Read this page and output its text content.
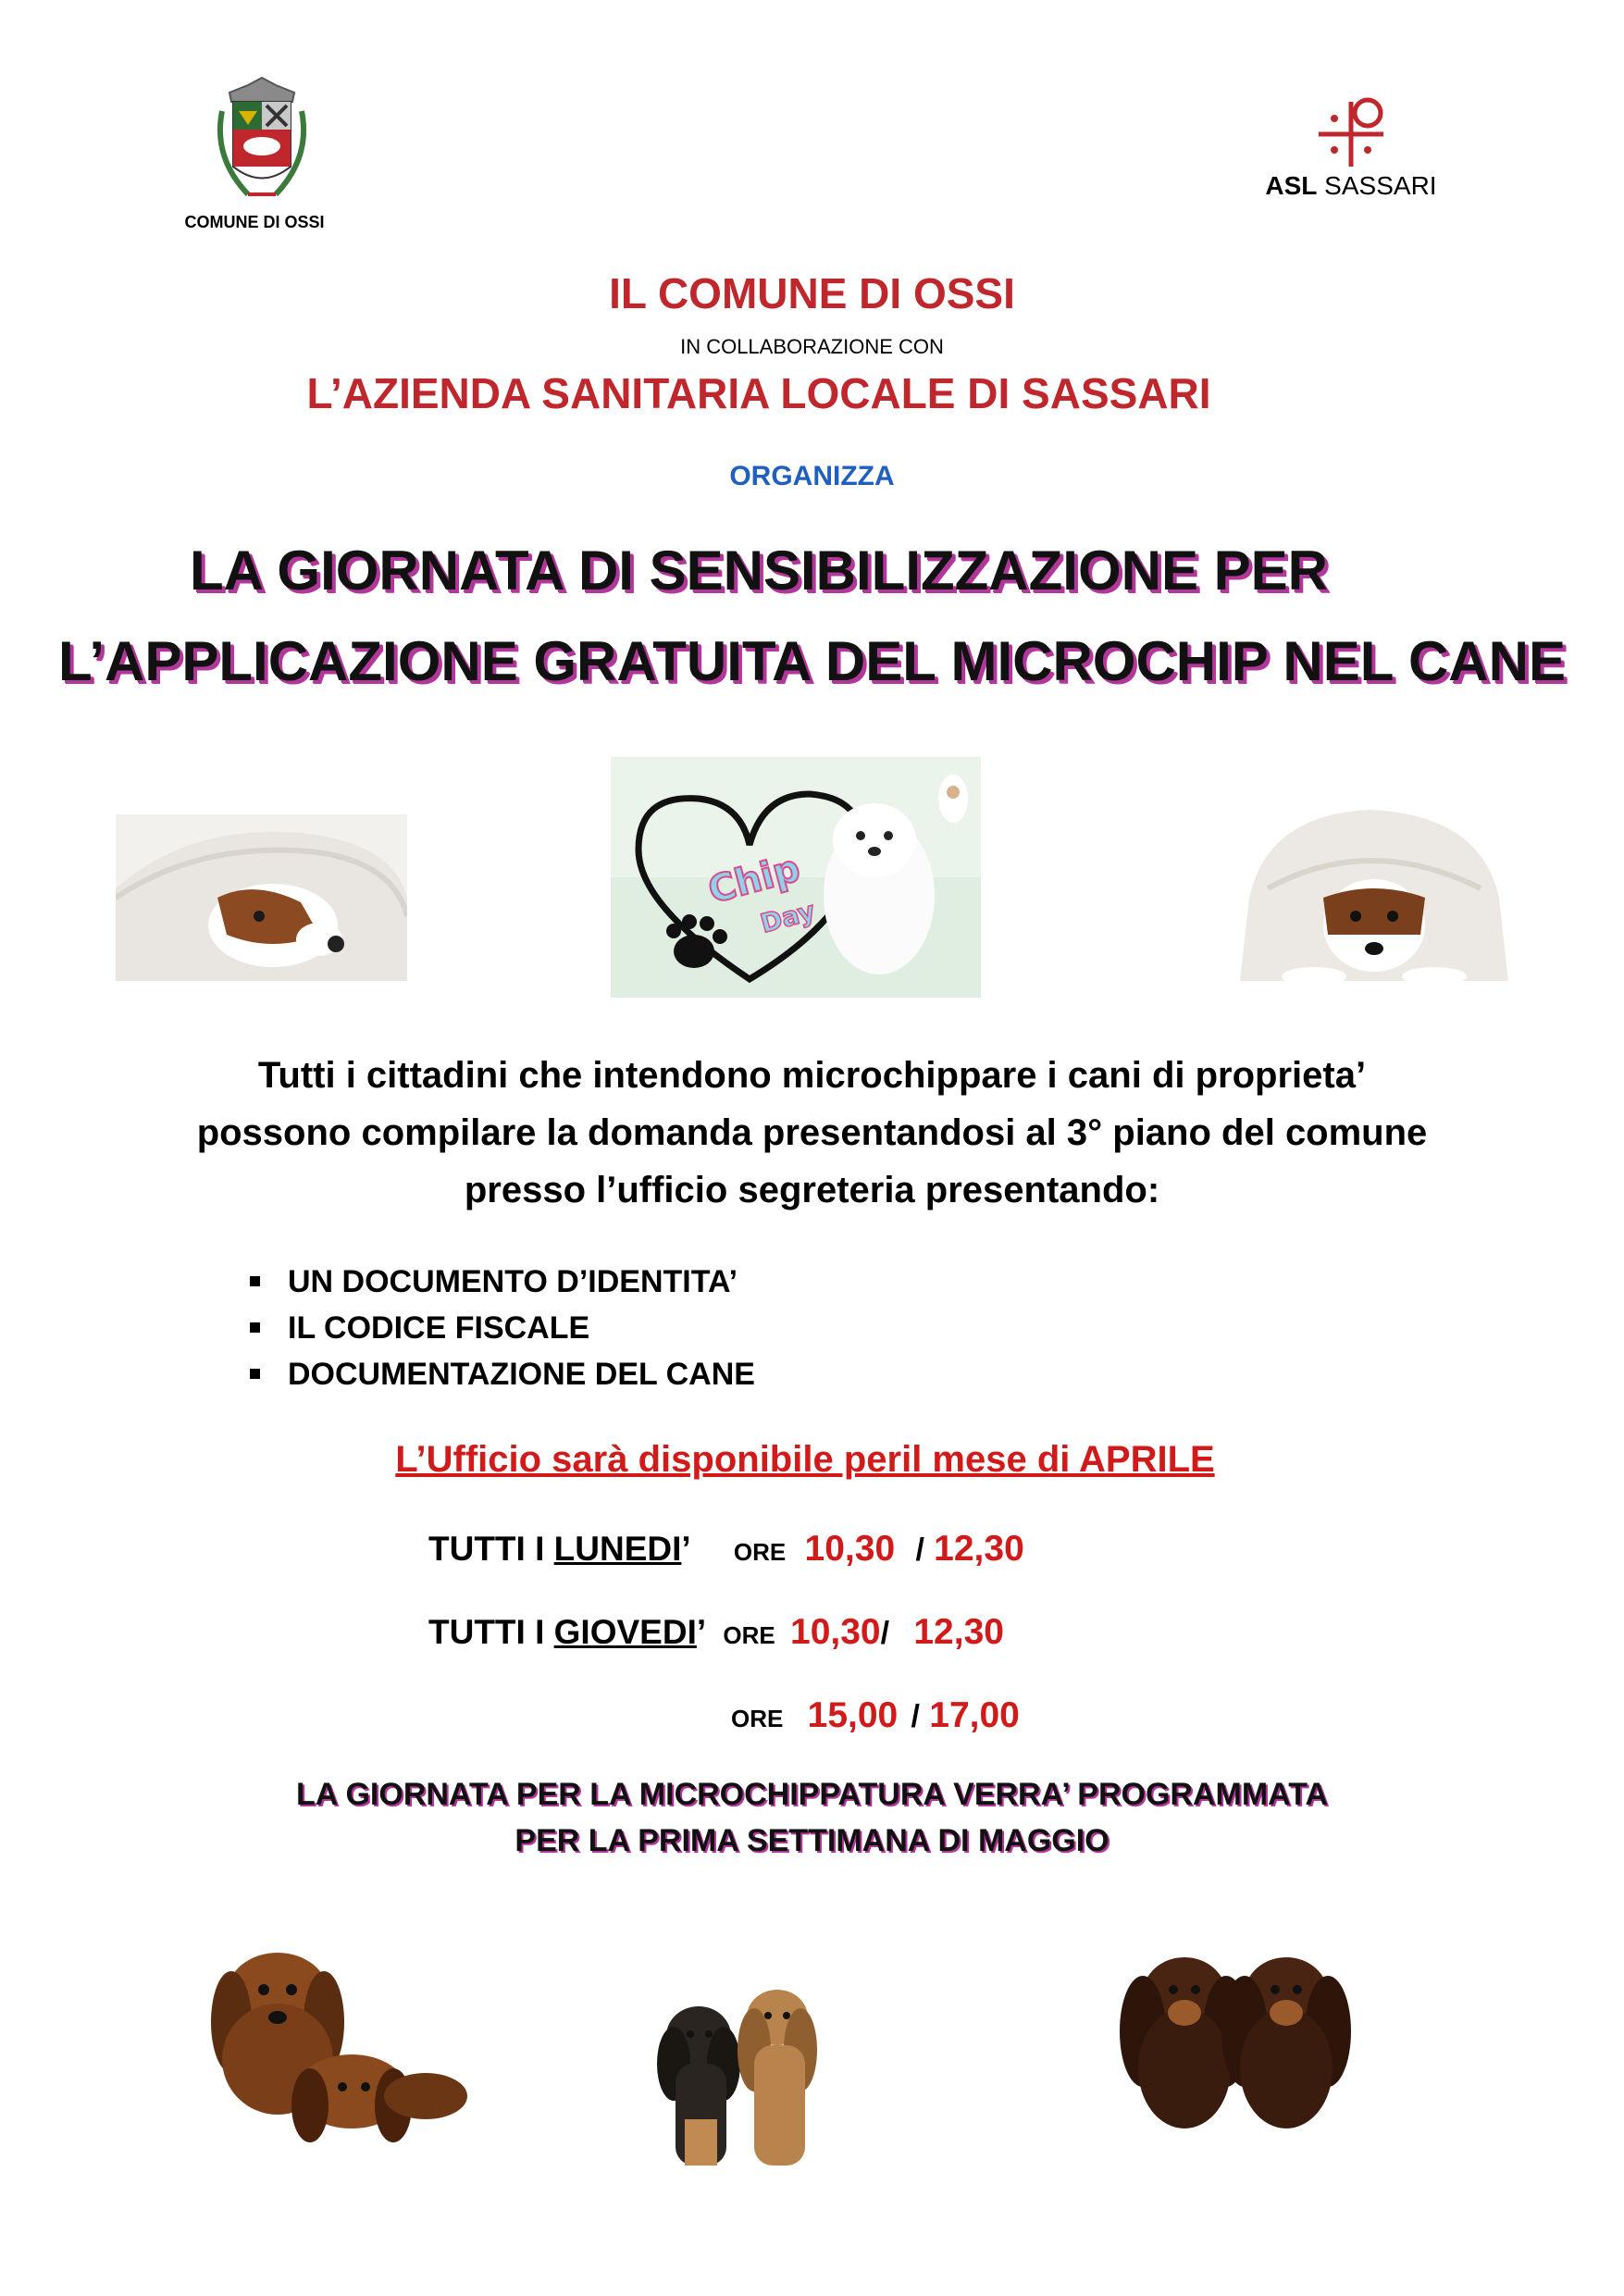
COMUNE DI OSSI
ASL SASSARI
IL COMUNE DI OSSI
IN COLLABORAZIONE CON
L’AZIENDA SANITARIA LOCALE DI SASSARI
ORGANIZZA
LA GIORNATA DI SENSIBILIZZAZIONE PER
L’APPLICAZIONE GRATUITA DEL MICROCHIP NEL CANE
Chip
Day
Tutti i cittadini che intendono microchippare i cani di proprieta’
possono compilare la domanda presentandosi al 3° piano del comune
presso l’ufficio segreteria presentando:
UN DOCUMENTO D’IDENTITA’
IL CODICE FISCALE
DOCUMENTAZIONE DEL CANE
L’Ufficio sarà disponibile peril mese di APRILE
TUTTI I LUNEDI’ ORE 10,30 / 12,30
TUTTI I GIOVEDI’ ORE 10,30/ 12,30
ORE 15,00 / 17,00
LA GIORNATA PER LA MICROCHIPPATURA VERRA’ PROGRAMMATA
PER LA PRIMA SETTIMANA DI MAGGIO
